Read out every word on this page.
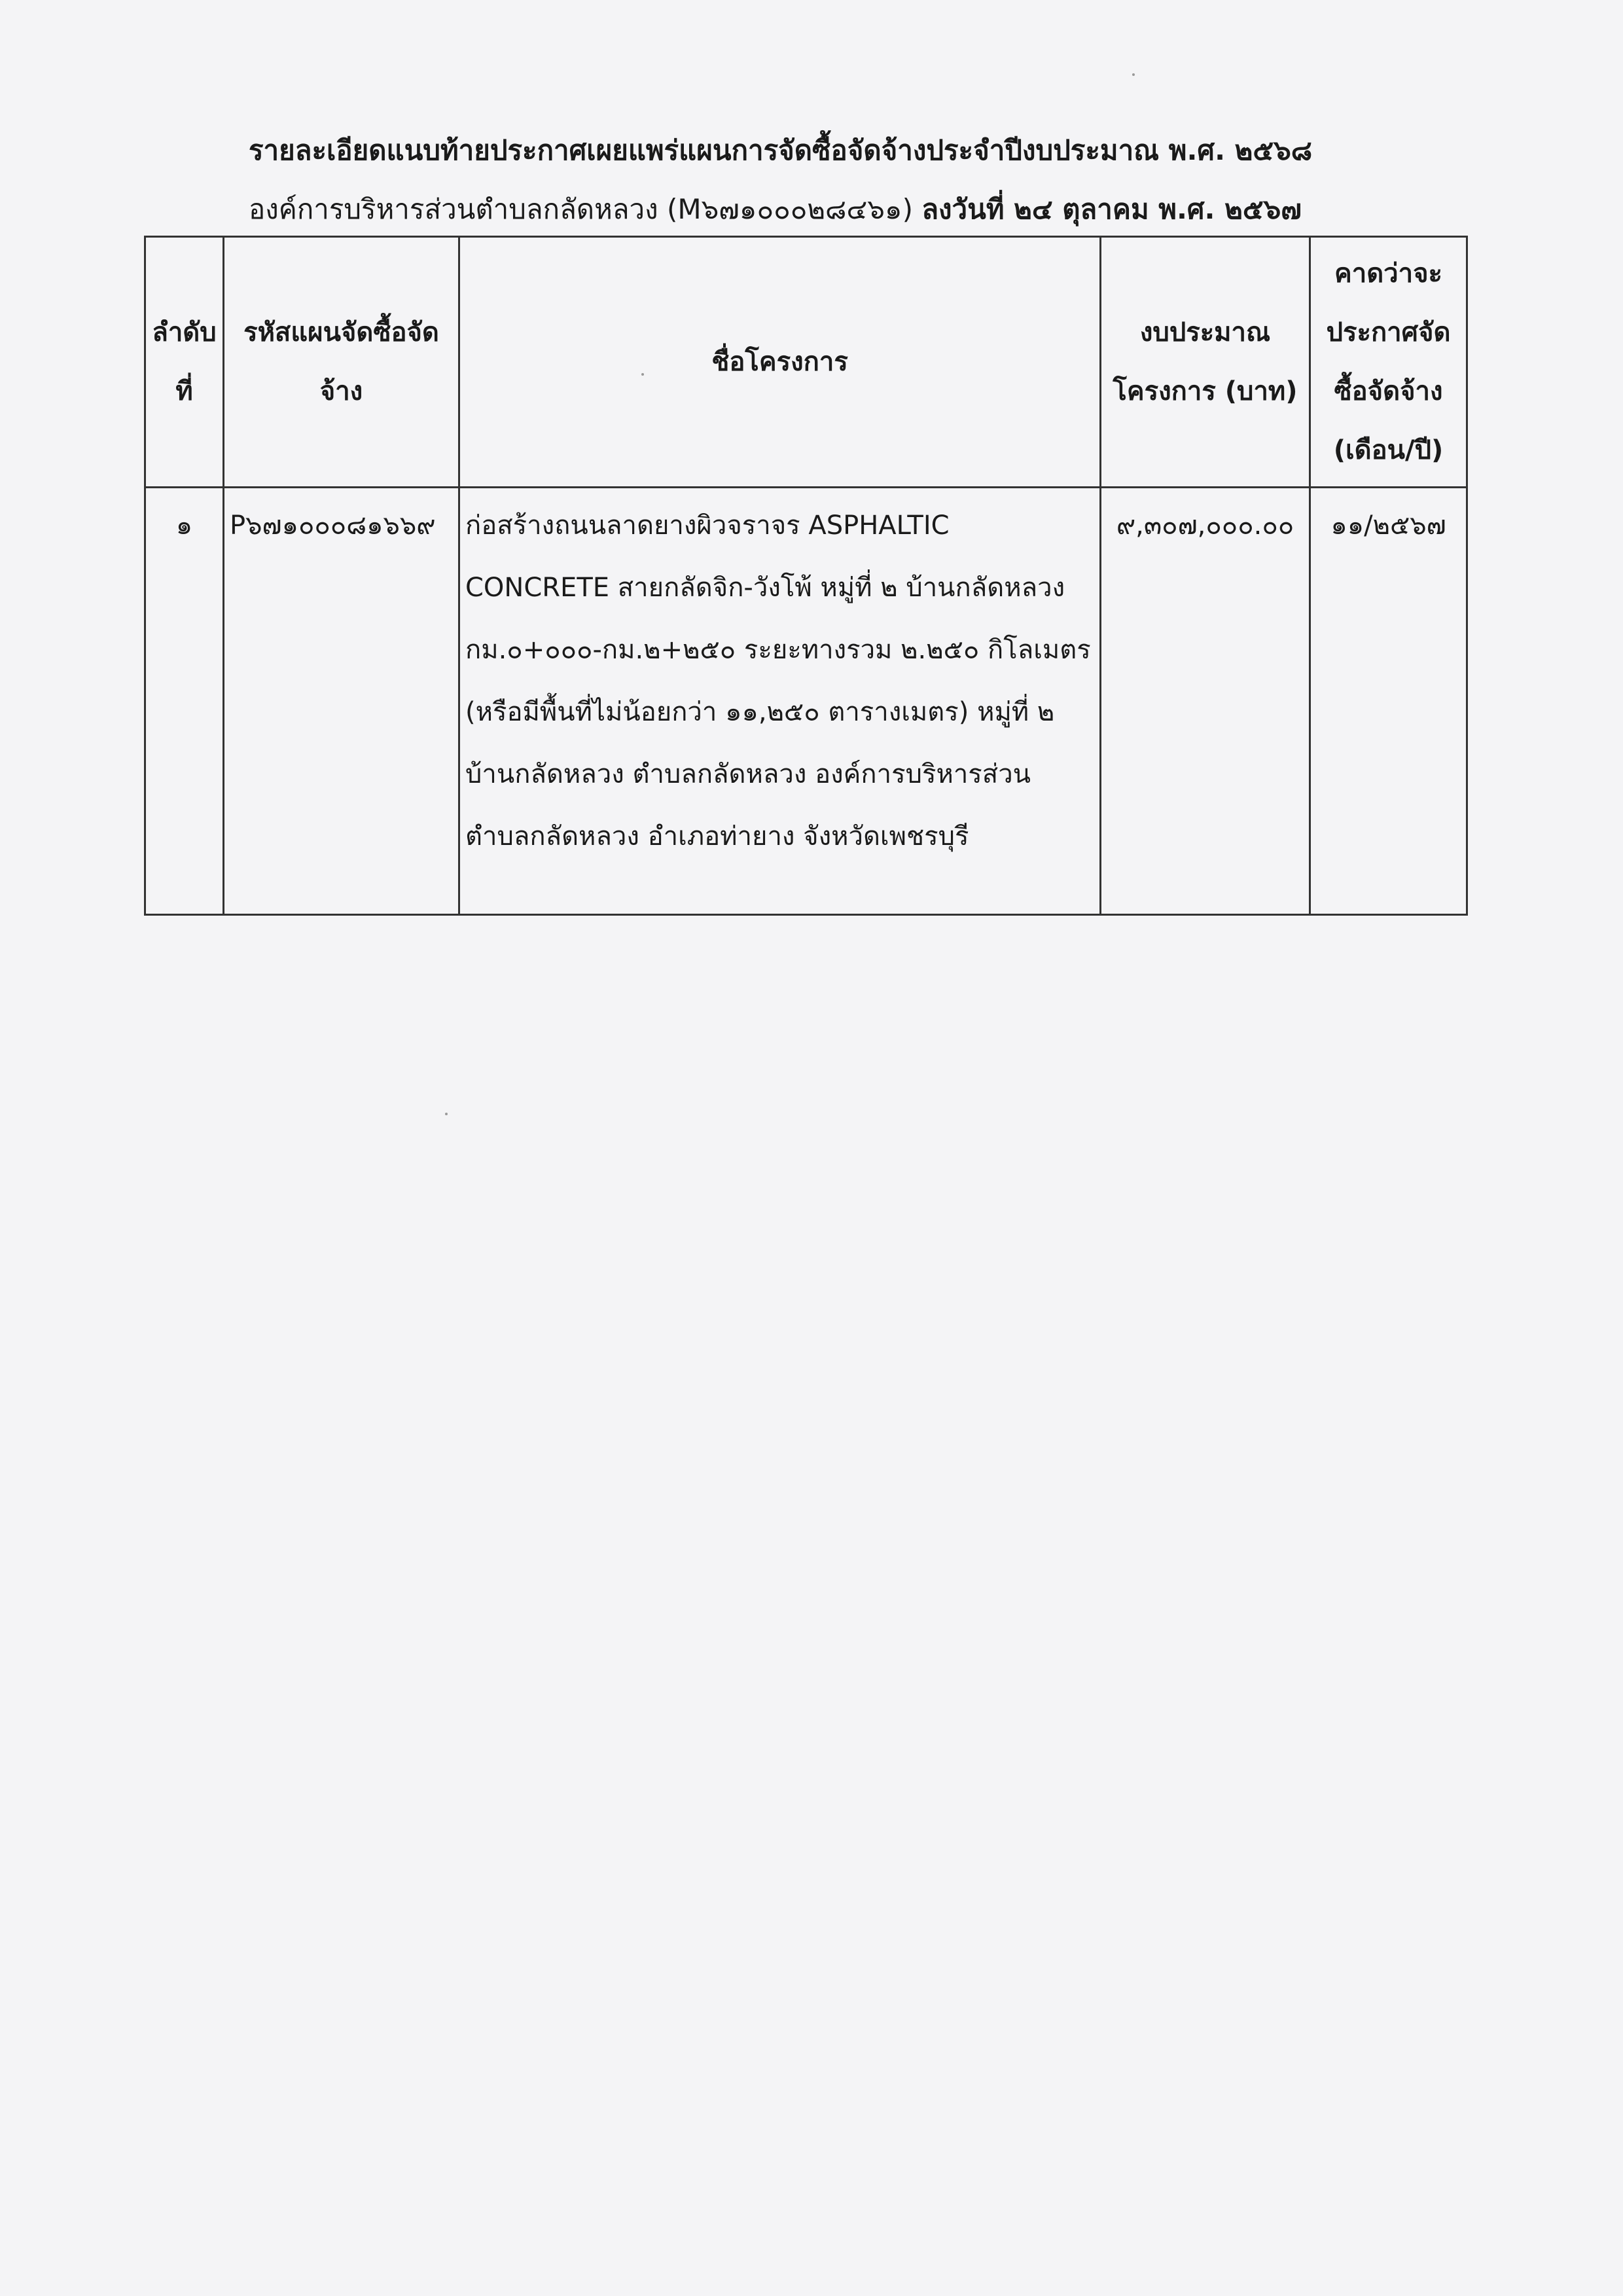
รายละเอียดแนบท้ายประกาศเผยแพร่แผนการจัดซื้อจัดจ้างประจำปีงบประมาณ พ.ศ. ๒๕๖๘
องค์การบริหารส่วนตำบลกลัดหลวง (M๖๗๑๐๐๐๒๘๔๖๑) ลงวันที่ ๒๔ ตุลาคม พ.ศ. ๒๕๖๗
ลำดับที่	รหัสแผนจัดซื้อจัดจ้าง	ชื่อโครงการ	งบประมาณโครงการ (บาท)	คาดว่าจะประกาศจัดซื้อจัดจ้าง (เดือน/ปี)
๑	P๖๗๑๐๐๐๘๑๖๖๙	ก่อสร้างถนนลาดยางผิวจราจร ASPHALTIC CONCRETE สายกลัดจิก-วังโพ้ หมู่ที่ ๒ บ้านกลัดหลวง กม.๐+๐๐๐-กม.๒+๒๕๐ ระยะทางรวม ๒.๒๕๐ กิโลเมตร (หรือมีพื้นที่ไม่น้อยกว่า ๑๑,๒๕๐ ตารางเมตร) หมู่ที่ ๒ บ้านกลัดหลวง ตำบลกลัดหลวง องค์การบริหารส่วนตำบลกลัดหลวง อำเภอท่ายาง จังหวัดเพชรบุรี	๙,๓๐๗,๐๐๐.๐๐	๑๑/๒๕๖๗
